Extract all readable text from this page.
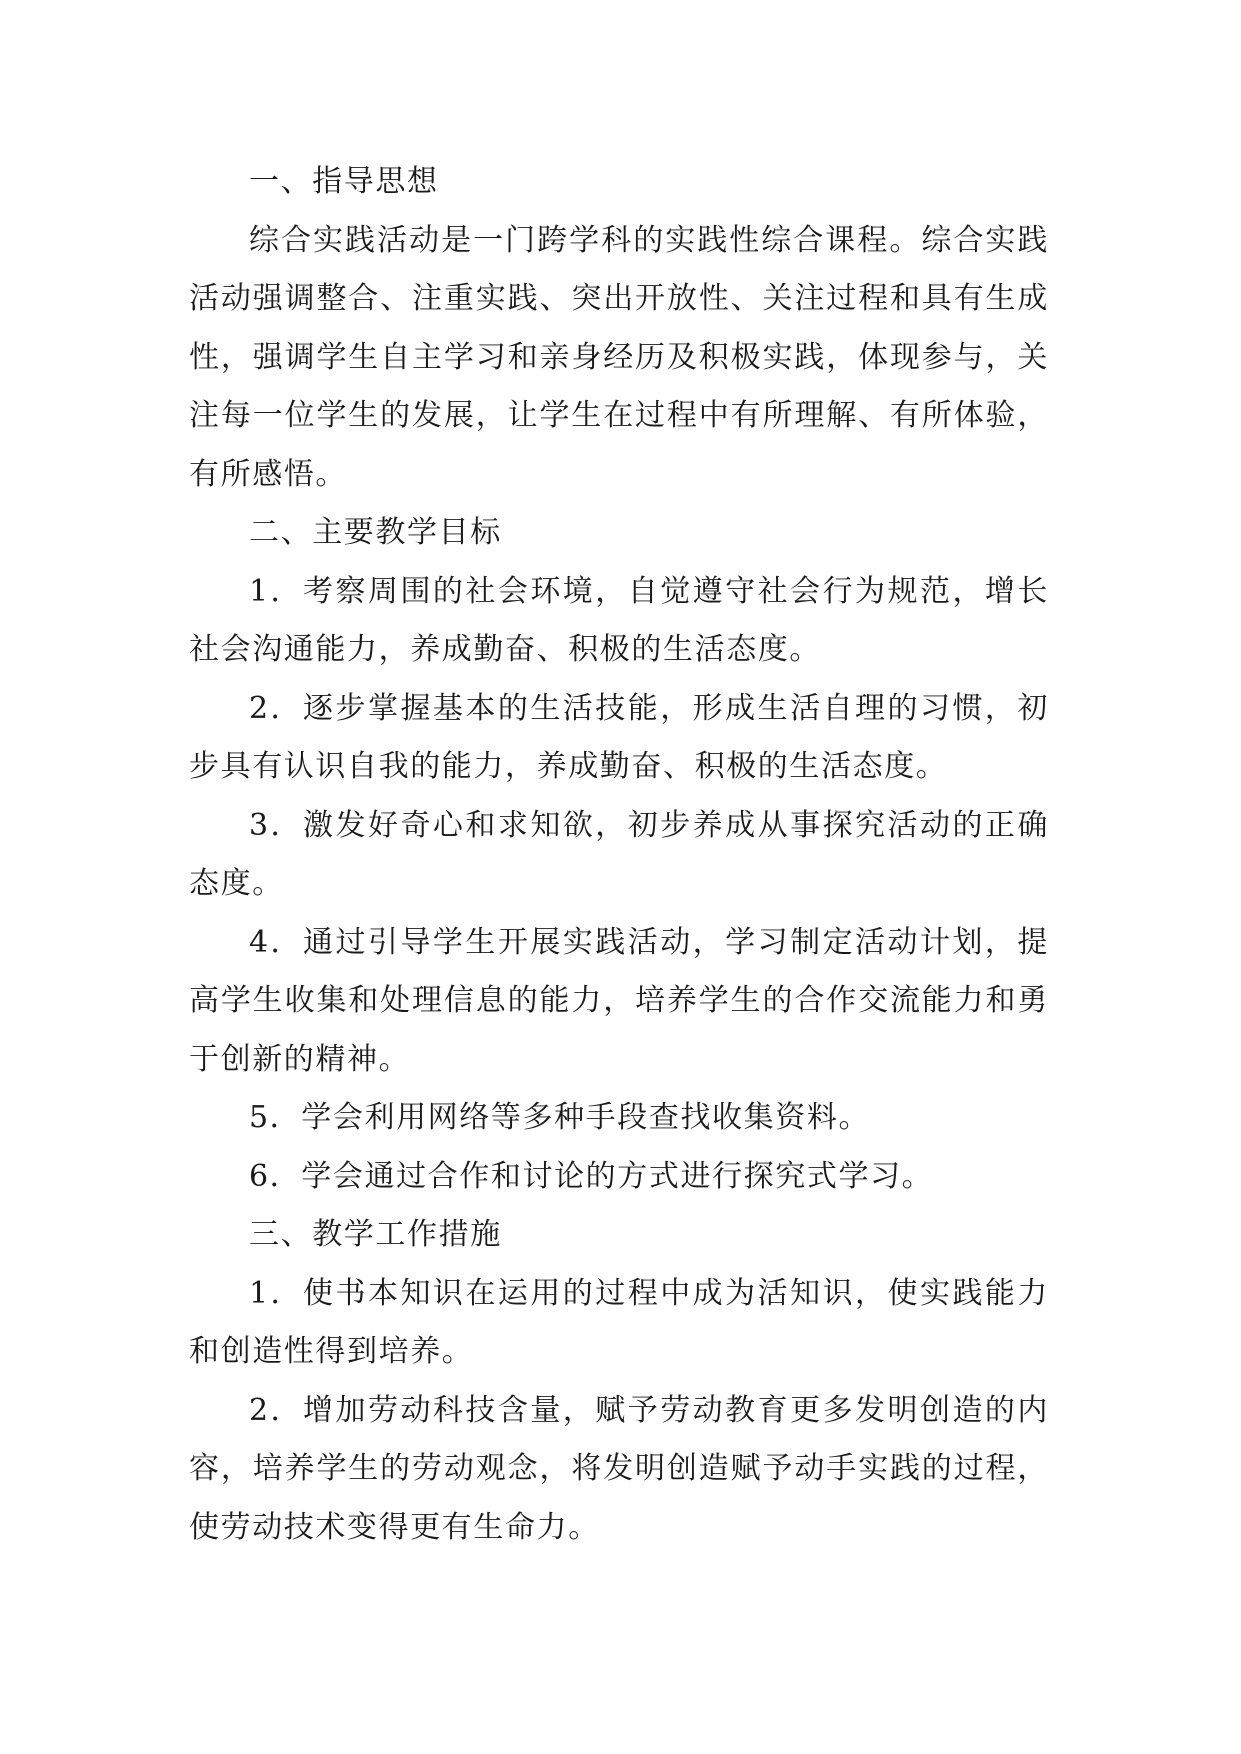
一、指导思想

综合实践活动是一门跨学科的实践性综合课程。综合实践活动强调整合、注重实践、突出开放性、关注过程和具有生成性，强调学生自主学习和亲身经历及积极实践，体现参与，关注每一位学生的发展，让学生在过程中有所理解、有所体验，有所感悟。

二、主要教学目标

1．考察周围的社会环境，自觉遵守社会行为规范，增长社会沟通能力，养成勤奋、积极的生活态度。

2．逐步掌握基本的生活技能，形成生活自理的习惯，初步具有认识自我的能力，养成勤奋、积极的生活态度。

3．激发好奇心和求知欲，初步养成从事探究活动的正确态度。

4．通过引导学生开展实践活动，学习制定活动计划，提高学生收集和处理信息的能力，培养学生的合作交流能力和勇于创新的精神。

5．学会利用网络等多种手段查找收集资料。

6．学会通过合作和讨论的方式进行探究式学习。

三、教学工作措施

1．使书本知识在运用的过程中成为活知识，使实践能力和创造性得到培养。

2．增加劳动科技含量，赋予劳动教育更多发明创造的内容，培养学生的劳动观念，将发明创造赋予动手实践的过程，使劳动技术变得更有生命力。
